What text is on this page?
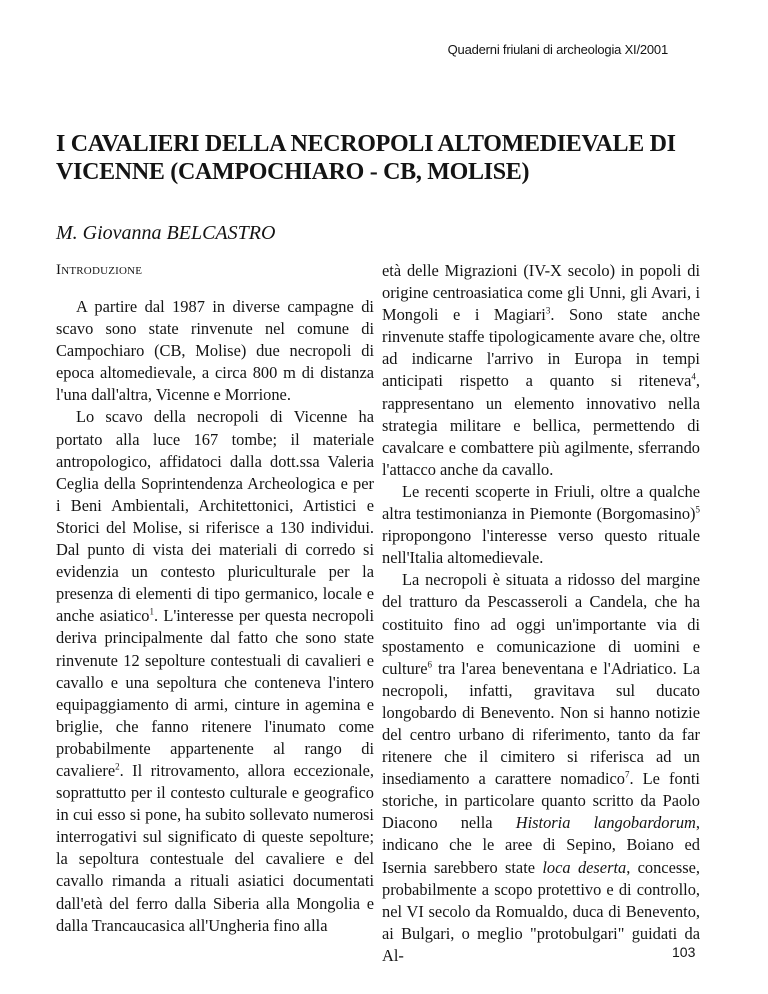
Quaderni friulani di archeologia XI/2001
I CAVALIERI DELLA NECROPOLI ALTOMEDIEVALE DI
VICENNE (CAMPOCHIARO - CB, MOLISE)

M. Giovanna BELCASTRO

Introduzione

A partire dal 1987 in diverse campagne di scavo sono state rinvenute nel comune di Campochiaro (CB, Molise) due necropoli di epoca altomedievale, a circa 800 m di distanza l'una dall'altra, Vicenne e Morrione.

Lo scavo della necropoli di Vicenne ha portato alla luce 167 tombe; il materiale antropologico, affidatoci dalla dott.ssa Valeria Ceglia della Soprintendenza Archeologica e per i Beni Ambientali, Architettonici, Artistici e Storici del Molise, si riferisce a 130 individui. Dal punto di vista dei materiali di corredo si evidenzia un contesto pluriculturale per la presenza di elementi di tipo germanico, locale e anche asiatico$^1$. L'interesse per questa necropoli deriva principalmente dal fatto che sono state rinvenute 12 sepolture contestuali di cavalieri e cavallo e una sepoltura che conteneva l'intero equipaggiamento di armi, cinture in agemina e briglie, che fanno ritenere l'inumato come probabilmente appartenente al rango di cavaliere$^2$. Il ritrovamento, allora eccezionale, soprattutto per il contesto culturale e geografico in cui esso si pone, ha subito sollevato numerosi interrogativi sul significato di queste sepolture; la sepoltura contestuale del cavaliere e del cavallo rimanda a rituali asiatici documentati dall'età del ferro dalla Siberia alla Mongolia e dalla Trancaucasica all'Ungheria fino alla

età delle Migrazioni (IV-X secolo) in popoli di origine centroasiatica come gli Unni, gli Avari, i Mongoli e i Magiari$^3$. Sono state anche rinvenute staffe tipologicamente avare che, oltre ad indicarne l'arrivo in Europa in tempi anticipati rispetto a quanto si riteneva$^4$, rappresentano un elemento innovativo nella strategia militare e bellica, permettendo di cavalcare e combattere più agilmente, sferrando l'attacco anche da cavallo.

Le recenti scoperte in Friuli, oltre a qualche altra testimonianza in Piemonte (Borgomasino)$^5$ ripropongono l'interesse verso questo rituale nell'Italia altomedievale.

La necropoli è situata a ridosso del margine del tratturo da Pescasseroli a Candela, che ha costituito fino ad oggi un'importante via di spostamento e comunicazione di uomini e culture$^6$ tra l'area beneventana e l'Adriatico. La necropoli, infatti, gravitava sul ducato longobardo di Benevento. Non si hanno notizie del centro urbano di riferimento, tanto da far ritenere che il cimitero si riferisca ad un insediamento a carattere nomadico$^7$. Le fonti storiche, in particolare quanto scritto da Paolo Diacono nella Historia langobardorum, indicano che le aree di Sepino, Boiano ed Isernia sarebbero state loca deserta, concesse, probabilmente a scopo protettivo e di controllo, nel VI secolo da Romualdo, duca di Benevento, ai Bulgari, o meglio "protobulgari" guidati da Al-	103
